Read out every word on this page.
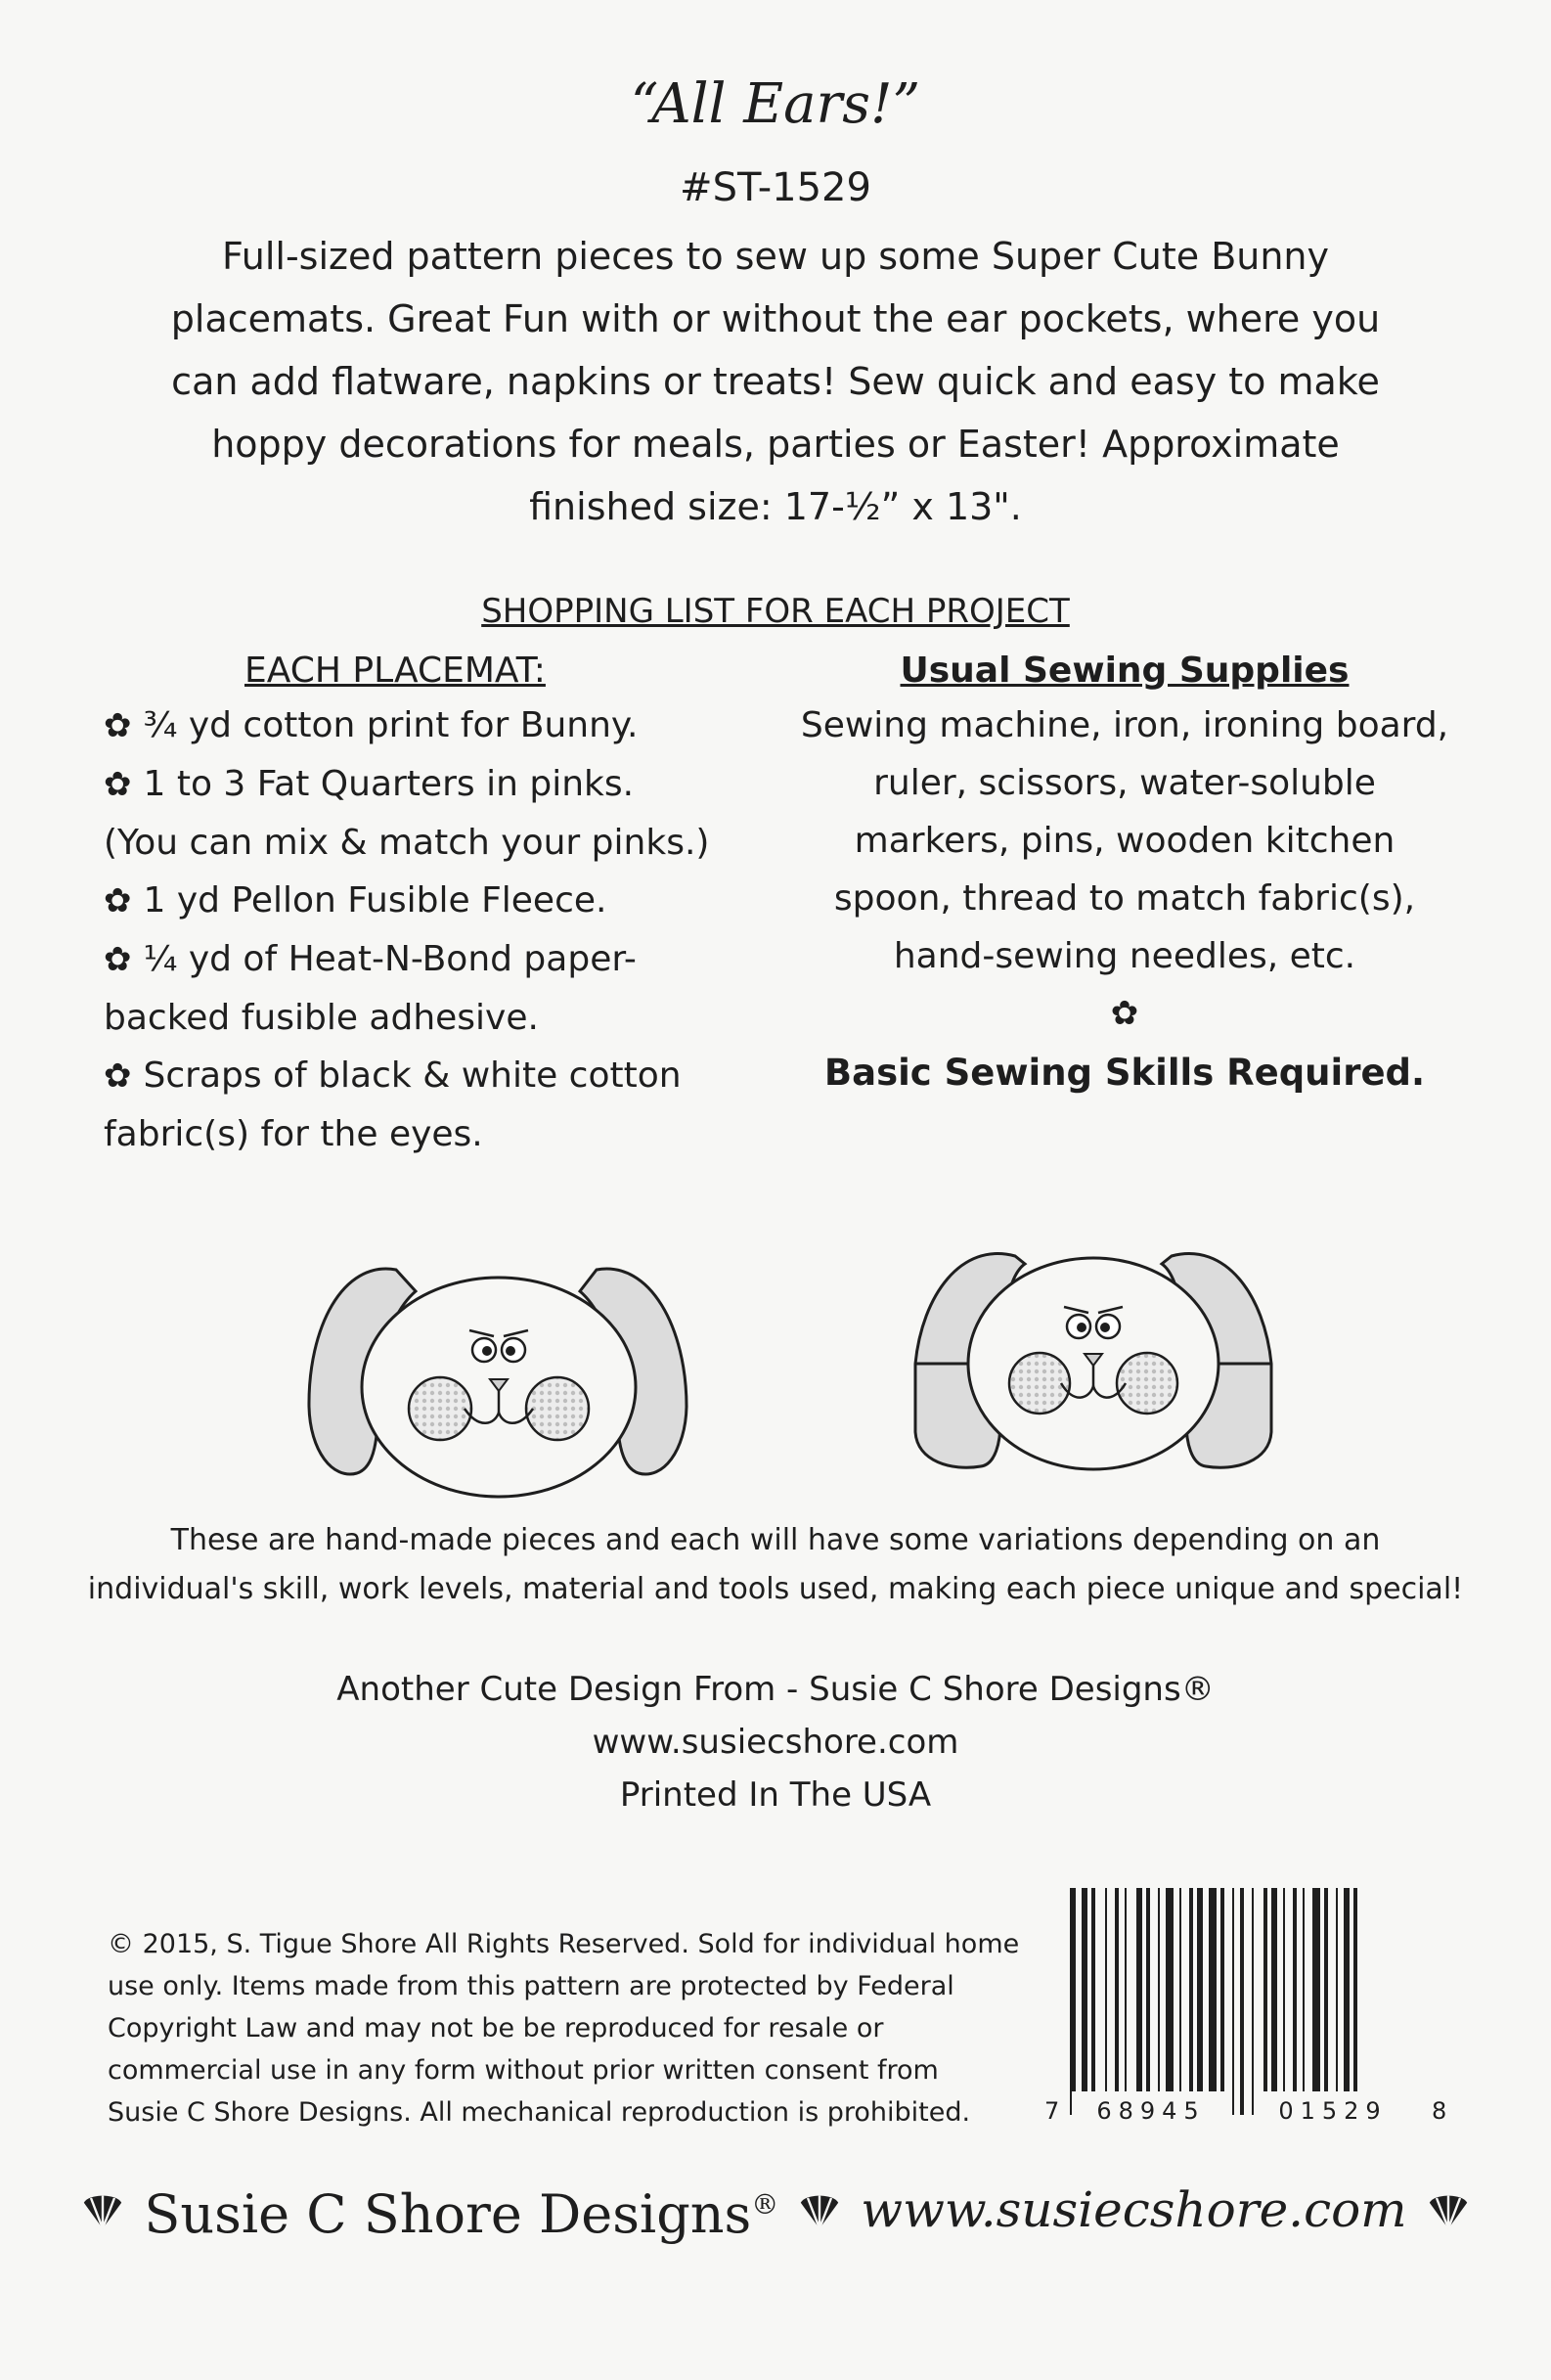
“All Ears!”
#ST-1529
Full-sized pattern pieces to sew up some Super Cute Bunny
placemats. Great Fun with or without the ear pockets, where you
can add flatware, napkins or treats! Sew quick and easy to make
hoppy decorations for meals, parties or Easter! Approximate
finished size: 17-½” x 13".
SHOPPING LIST FOR EACH PROJECT
EACH PLACEMAT:
✿ ¾ yd cotton print for Bunny.
✿ 1 to 3 Fat Quarters in pinks.
(You can mix & match your pinks.)
✿ 1 yd Pellon Fusible Fleece.
✿ ¼ yd of Heat-N-Bond paper-
backed fusible adhesive.
✿ Scraps of black & white cotton
fabric(s) for the eyes.
Usual Sewing Supplies
Sewing machine, iron, ironing board,
ruler, scissors, water-soluble
markers, pins, wooden kitchen
spoon, thread to match fabric(s),
hand-sewing needles, etc.
✿
Basic Sewing Skills Required.
These are hand-made pieces and each will have some variations depending on an
individual's skill, work levels, material and tools used, making each piece unique and special!
Another Cute Design From - Susie C Shore Designs®
www.susiecshore.com
Printed In The USA
© 2015, S. Tigue Shore All Rights Reserved. Sold for individual home
use only. Items made from this pattern are protected by Federal
Copyright Law and may not be be reproduced for resale or
commercial use in any form without prior written consent from
Susie C Shore Designs. All mechanical reproduction is prohibited.	7 68945	01529 8
Susie C Shore Designs® www.susiecshore.com
